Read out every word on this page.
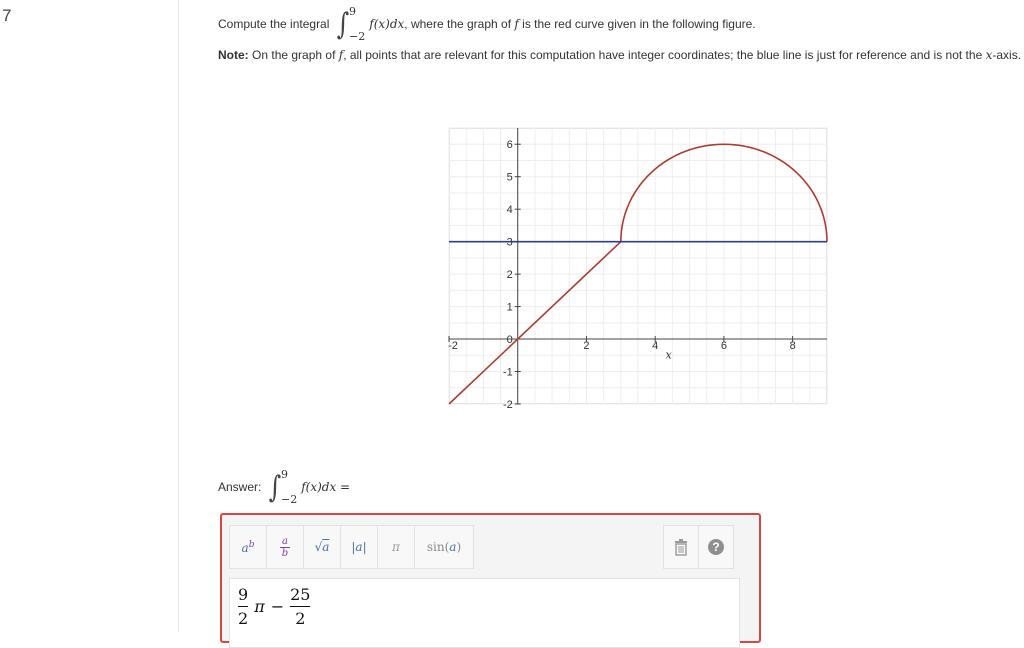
7	Compute the integral ∫ 9
−2
f(x)dx , where the graph of
f
is the red curve given in the following figure.
Note: On the graph of f, all points that are relevant for this computation have integer coordinates; the blue line is just for reference and is not the x-axis.
-2	2	4	6	8
6
5
4
3
2
1
0
-1
-2
x
Answer: ∫ 9
−2
f(x)dx =
$a^b$	a
b	√ a	|a|	π	sin( a )	?
$\frac{9}{2}$ $\pi - \frac{25}{2}$
